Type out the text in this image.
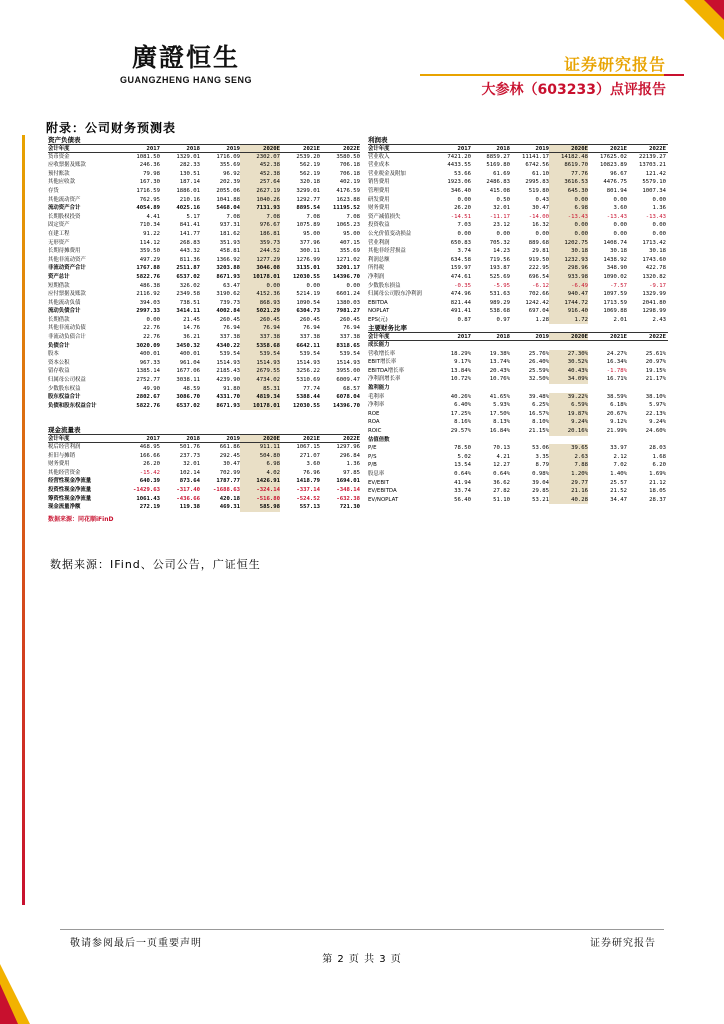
廣證恒生
GUANGZHENG HANG SENG
证券研究报告
大参林（603233）点评报告
附录：公司财务预测表
资产负债表
会计年度	2017	2018	2019	2020E	2021E	2022E
货币资金	1081.50	1329.01	1716.09	2302.07	2539.20	3580.50
应收票据及账款	246.36	282.33	355.69	452.38	562.19	706.18
预付账款	79.98	130.51	96.92	452.38	562.19	706.18
其他应收款	167.30	187.14	202.39	257.64	320.18	402.19
存货	1716.59	1886.01	2055.06	2627.19	3299.01	4176.59
其他流动资产	762.95	210.16	1041.88	1040.26	1292.77	1623.88
流动资产合计	4054.89	4025.16	5468.04	7131.93	8895.54	11195.52
长期股权投资	4.41	5.17	7.08	7.08	7.08	7.08
固定资产	710.34	841.41	937.31	976.67	1075.89	1065.23
在建工程	91.22	141.77	181.62	186.81	95.00	95.00
无形资产	114.12	268.83	351.93	359.73	377.96	407.15
长期待摊费用	359.50	443.32	458.81	244.52	300.11	355.69
其他非流动资产	497.29	811.36	1366.92	1277.29	1276.99	1271.02
非流动资产合计	1767.88	2511.87	3203.88	3046.08	3135.01	3201.17
资产总计	5822.76	6537.02	8671.93	10178.01	12030.55	14396.70
短期借款	486.38	326.02	63.47	0.00	0.00	0.00
应付票据及账款	2116.92	2349.58	3190.62	4152.36	5214.19	6601.24
其他流动负债	394.03	738.51	739.73	868.93	1090.54	1380.03
流动负债合计	2997.33	3414.11	4002.84	5021.29	6304.73	7981.27
长期借款	0.00	21.45	260.45	260.45	260.45	260.45
其他非流动负债	22.76	14.76	76.94	76.94	76.94	76.94
非流动负债合计	22.76	36.21	337.38	337.38	337.38	337.38
负债合计	3020.09	3450.32	4340.22	5358.68	6642.11	8318.65
股本	400.01	400.01	539.54	539.54	539.54	539.54
资本公积	967.33	961.04	1514.93	1514.93	1514.93	1514.93
留存收益	1385.14	1677.06	2185.43	2679.55	3256.22	3955.00
归属母公司权益	2752.77	3038.11	4239.90	4734.02	5310.69	6009.47
少数股东权益	49.90	48.59	91.80	85.31	77.74	68.57
股东权益合计	2802.67	3086.70	4331.70	4819.34	5388.44	6078.04
负债和股东权益合计	5822.76	6537.02	8671.93	10178.01	12030.55	14396.70
现金流量表
会计年度	2017	2018	2019	2020E	2021E	2022E
税后经营利润	468.95	501.76	661.86	911.11	1067.15	1297.96
折旧与摊销	166.66	237.73	292.45	504.80	271.07	296.84
财务费用	26.20	32.01	30.47	6.98	3.60	1.36
其他经营资金	-15.42	102.14	702.99	4.02	76.96	97.85
经营性现金净流量	640.39	873.64	1787.77	1426.91	1418.79	1694.01
投资性现金净流量	-1429.63	-317.40	-1688.63	-324.14	-337.14	-348.14
筹资性现金净流量	1061.43	-436.66	420.18	-516.80	-524.52	-632.38
现金流量净额	272.19	119.38	469.31	585.98	557.13	721.30
数据来源：同花顺iFinD
利润表
会计年度	2017	2018	2019	2020E	2021E	2022E
营业收入	7421.20	8859.27	11141.17	14182.48	17625.02	22139.27
营业成本	4433.55	5169.80	6742.56	8619.70	10823.89	13703.21
营业税金及附加	53.66	61.69	61.10	77.76	96.67	121.42
销售费用	1923.06	2486.83	2995.83	3616.53	4476.75	5579.10
管理费用	346.40	415.08	519.80	645.30	801.94	1007.34
研发费用	0.00	0.50	0.43	0.00	0.00	0.00
财务费用	26.20	32.01	30.47	6.98	3.60	1.36
资产减值损失	-14.51	-11.17	-14.00	-13.43	-13.43	-13.43
投资收益	7.03	23.12	16.32	0.00	0.00	0.00
公允价值变动损益	0.00	0.00	0.00	0.00	0.00	0.00
营业利润	650.83	705.32	889.68	1202.75	1408.74	1713.42
其他非经营损益	3.74	14.23	29.81	30.18	30.18	30.18
利润总额	634.58	719.56	919.50	1232.93	1438.92	1743.60
所得税	159.97	193.87	222.95	298.96	348.90	422.78
净利润	474.61	525.69	696.54	933.98	1090.02	1320.82
少数股东损益	-0.35	-5.95	-6.12	-6.49	-7.57	-9.17
归属母公司股东净利润	474.96	531.63	702.66	940.47	1097.59	1329.99
EBITDA	821.44	989.29	1242.42	1744.72	1713.59	2041.80
NOPLAT	491.41	538.68	697.04	916.40	1069.88	1298.99
EPS(元)	0.87	0.97	1.28	1.72	2.01	2.43
主要财务比率
会计年度	2017	2018	2019	2020E	2021E	2022E
成长能力
营收增长率	18.29%	19.38%	25.76%	27.30%	24.27%	25.61%
EBIT增长率	9.17%	13.74%	26.40%	30.52%	16.34%	20.97%
EBITDA增长率	13.84%	20.43%	25.59%	40.43%	-1.78%	19.15%
净利润增长率	10.72%	10.76%	32.50%	34.09%	16.71%	21.17%
盈利能力
毛利率	40.26%	41.65%	39.48%	39.22%	38.59%	38.10%
净利率	6.40%	5.93%	6.25%	6.59%	6.18%	5.97%
ROE	17.25%	17.50%	16.57%	19.87%	20.67%	22.13%
ROA	8.16%	8.13%	8.10%	9.24%	9.12%	9.24%
ROIC	29.57%	16.84%	21.15%	20.16%	21.99%	24.60%
估值倍数
P/E	78.50	70.13	53.06	39.65	33.97	28.03
P/S	5.02	4.21	3.35	2.63	2.12	1.68
P/B	13.54	12.27	8.79	7.88	7.02	6.20
股息率	0.64%	0.64%	0.98%	1.20%	1.40%	1.69%
EV/EBIT	41.94	36.62	39.04	29.77	25.57	21.12
EV/EBITDA	33.74	27.82	29.85	21.16	21.52	18.05
EV/NOPLAT	56.40	51.10	53.21	40.28	34.47	28.37
数据来源：IFind、公司公告，广证恒生
敬请参阅最后一页重要声明	证券研究报告
第 2 页 共 3 页
